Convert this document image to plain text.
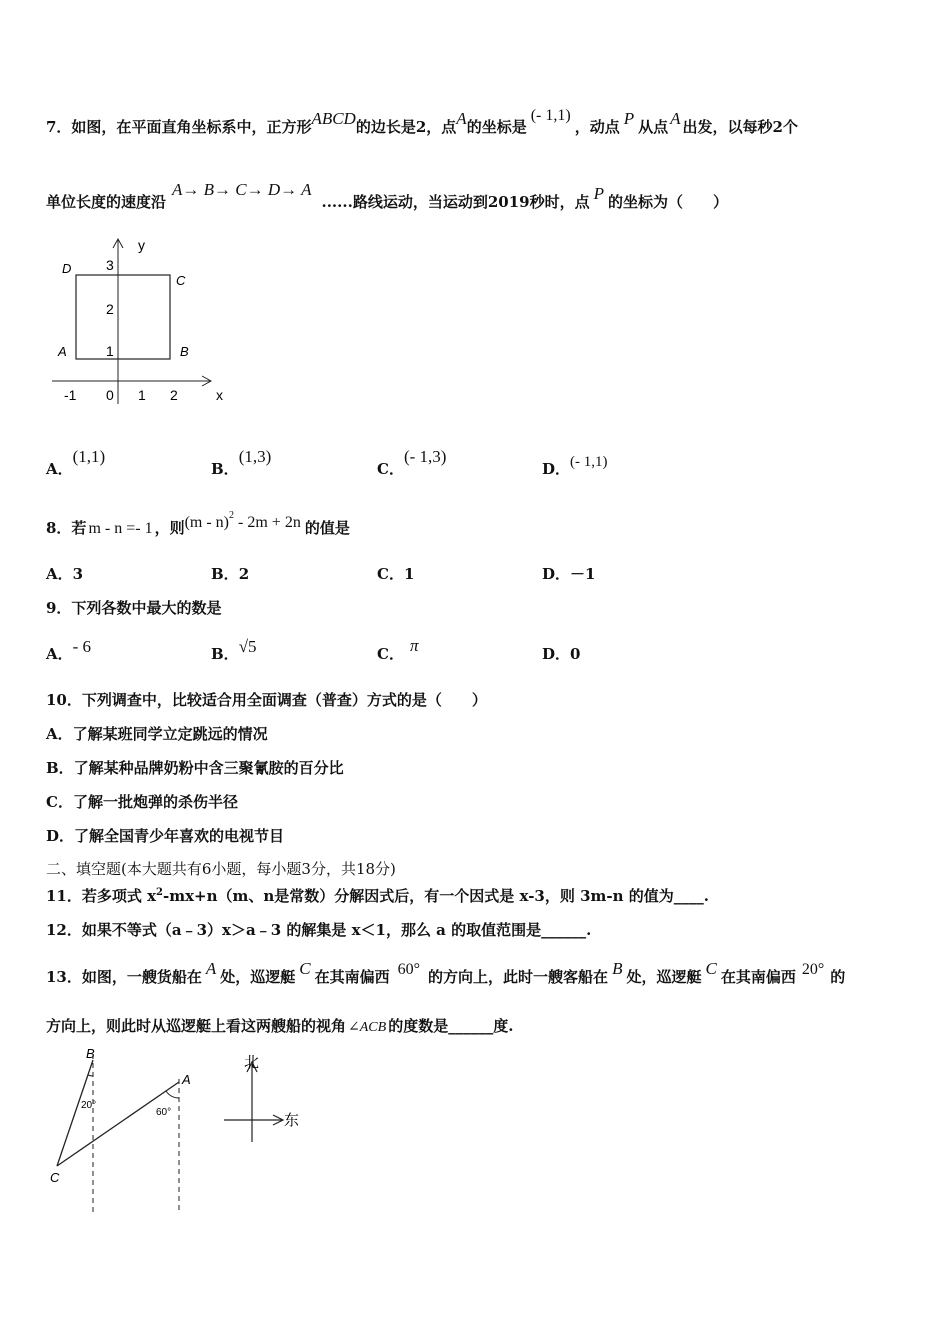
7．如图，在平面直角坐标系中，正方形ABCD的边长是2，点A的坐标是(- 1,1)，动点 P 从点 A 出发，以每秒2个
单位长度的速度沿A→ B→ C→ D→ A......路线运动，当运动到2019秒时，点 P 的坐标为（　　）
y
x
3
2
1
-1 0 1 2
D
C
A	B
A．(1,1)
B．(1,3)
C．(- 1,3)
D．(- 1,1)
8．若 m - n =- 1 ，则(m - n)$^2$ - 2m + 2n 的值是
A．3	B．2	C．1	D．－1
9．下列各数中最大的数是
A．- 6	B．√5	C． π	D．0
10．下列调查中，比较适合用全面调查（普查）方式的是（　　）
A．了解某班同学立定跳远的情况
B．了解某种品牌奶粉中含三聚氰胺的百分比
C．了解一批炮弹的杀伤半径
D．了解全国青少年喜欢的电视节目
二、填空题(本大题共有6小题，每小题3分，共18分)
11．若多项式 $x^2-mx+n(m$、n是常数）分解因式后，有一个因式是 x-3，则 3m-n 的值为____.
12．如果不等式（a﹣3）x＞a﹣3 的解集是 x＜1，那么 a 的取值范围是______.
13．如图，一艘货船在 A 处，巡逻艇 C 在其南偏西 60° 的方向上，此时一艘客船在 B 处，巡逻艇 C 在其南偏西 20° 的
方向上，则此时从巡逻艇上看这两艘船的视角 ∠ACB 的度数是______度.
B
A
C
20°
60°
北
东
